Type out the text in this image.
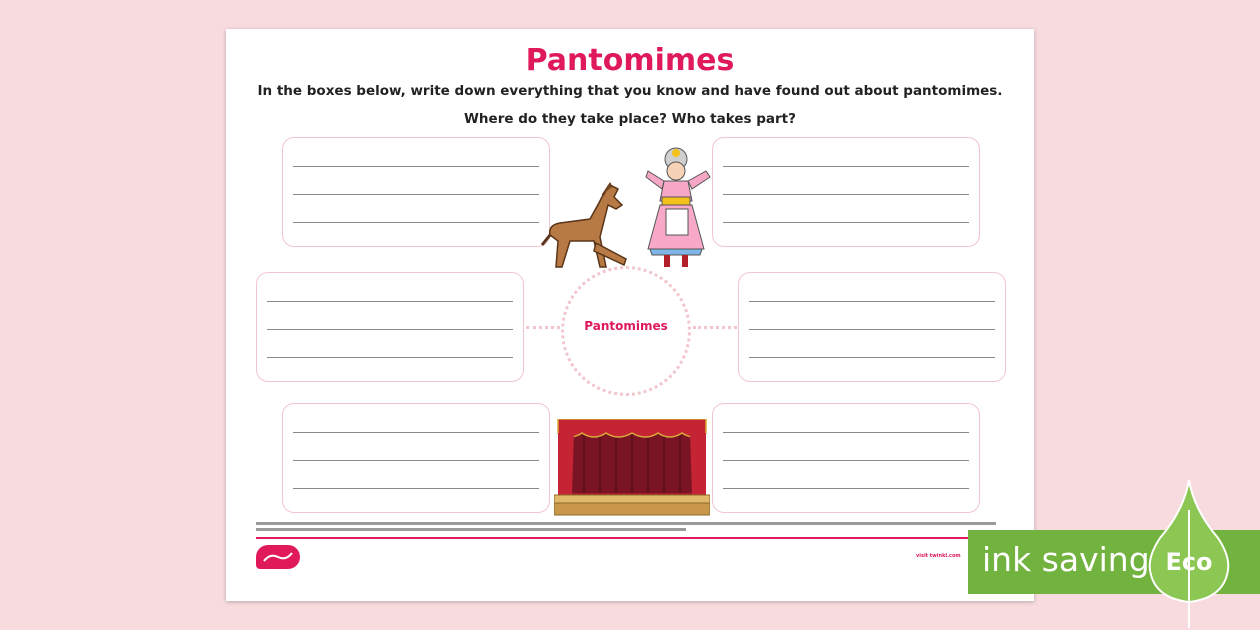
Pantomimes
In the boxes below, write down everything that you know and have found out about pantomimes.
Where do they take place? Who takes part?
Pantomimes
visit twinkl.com ink saving Eco
